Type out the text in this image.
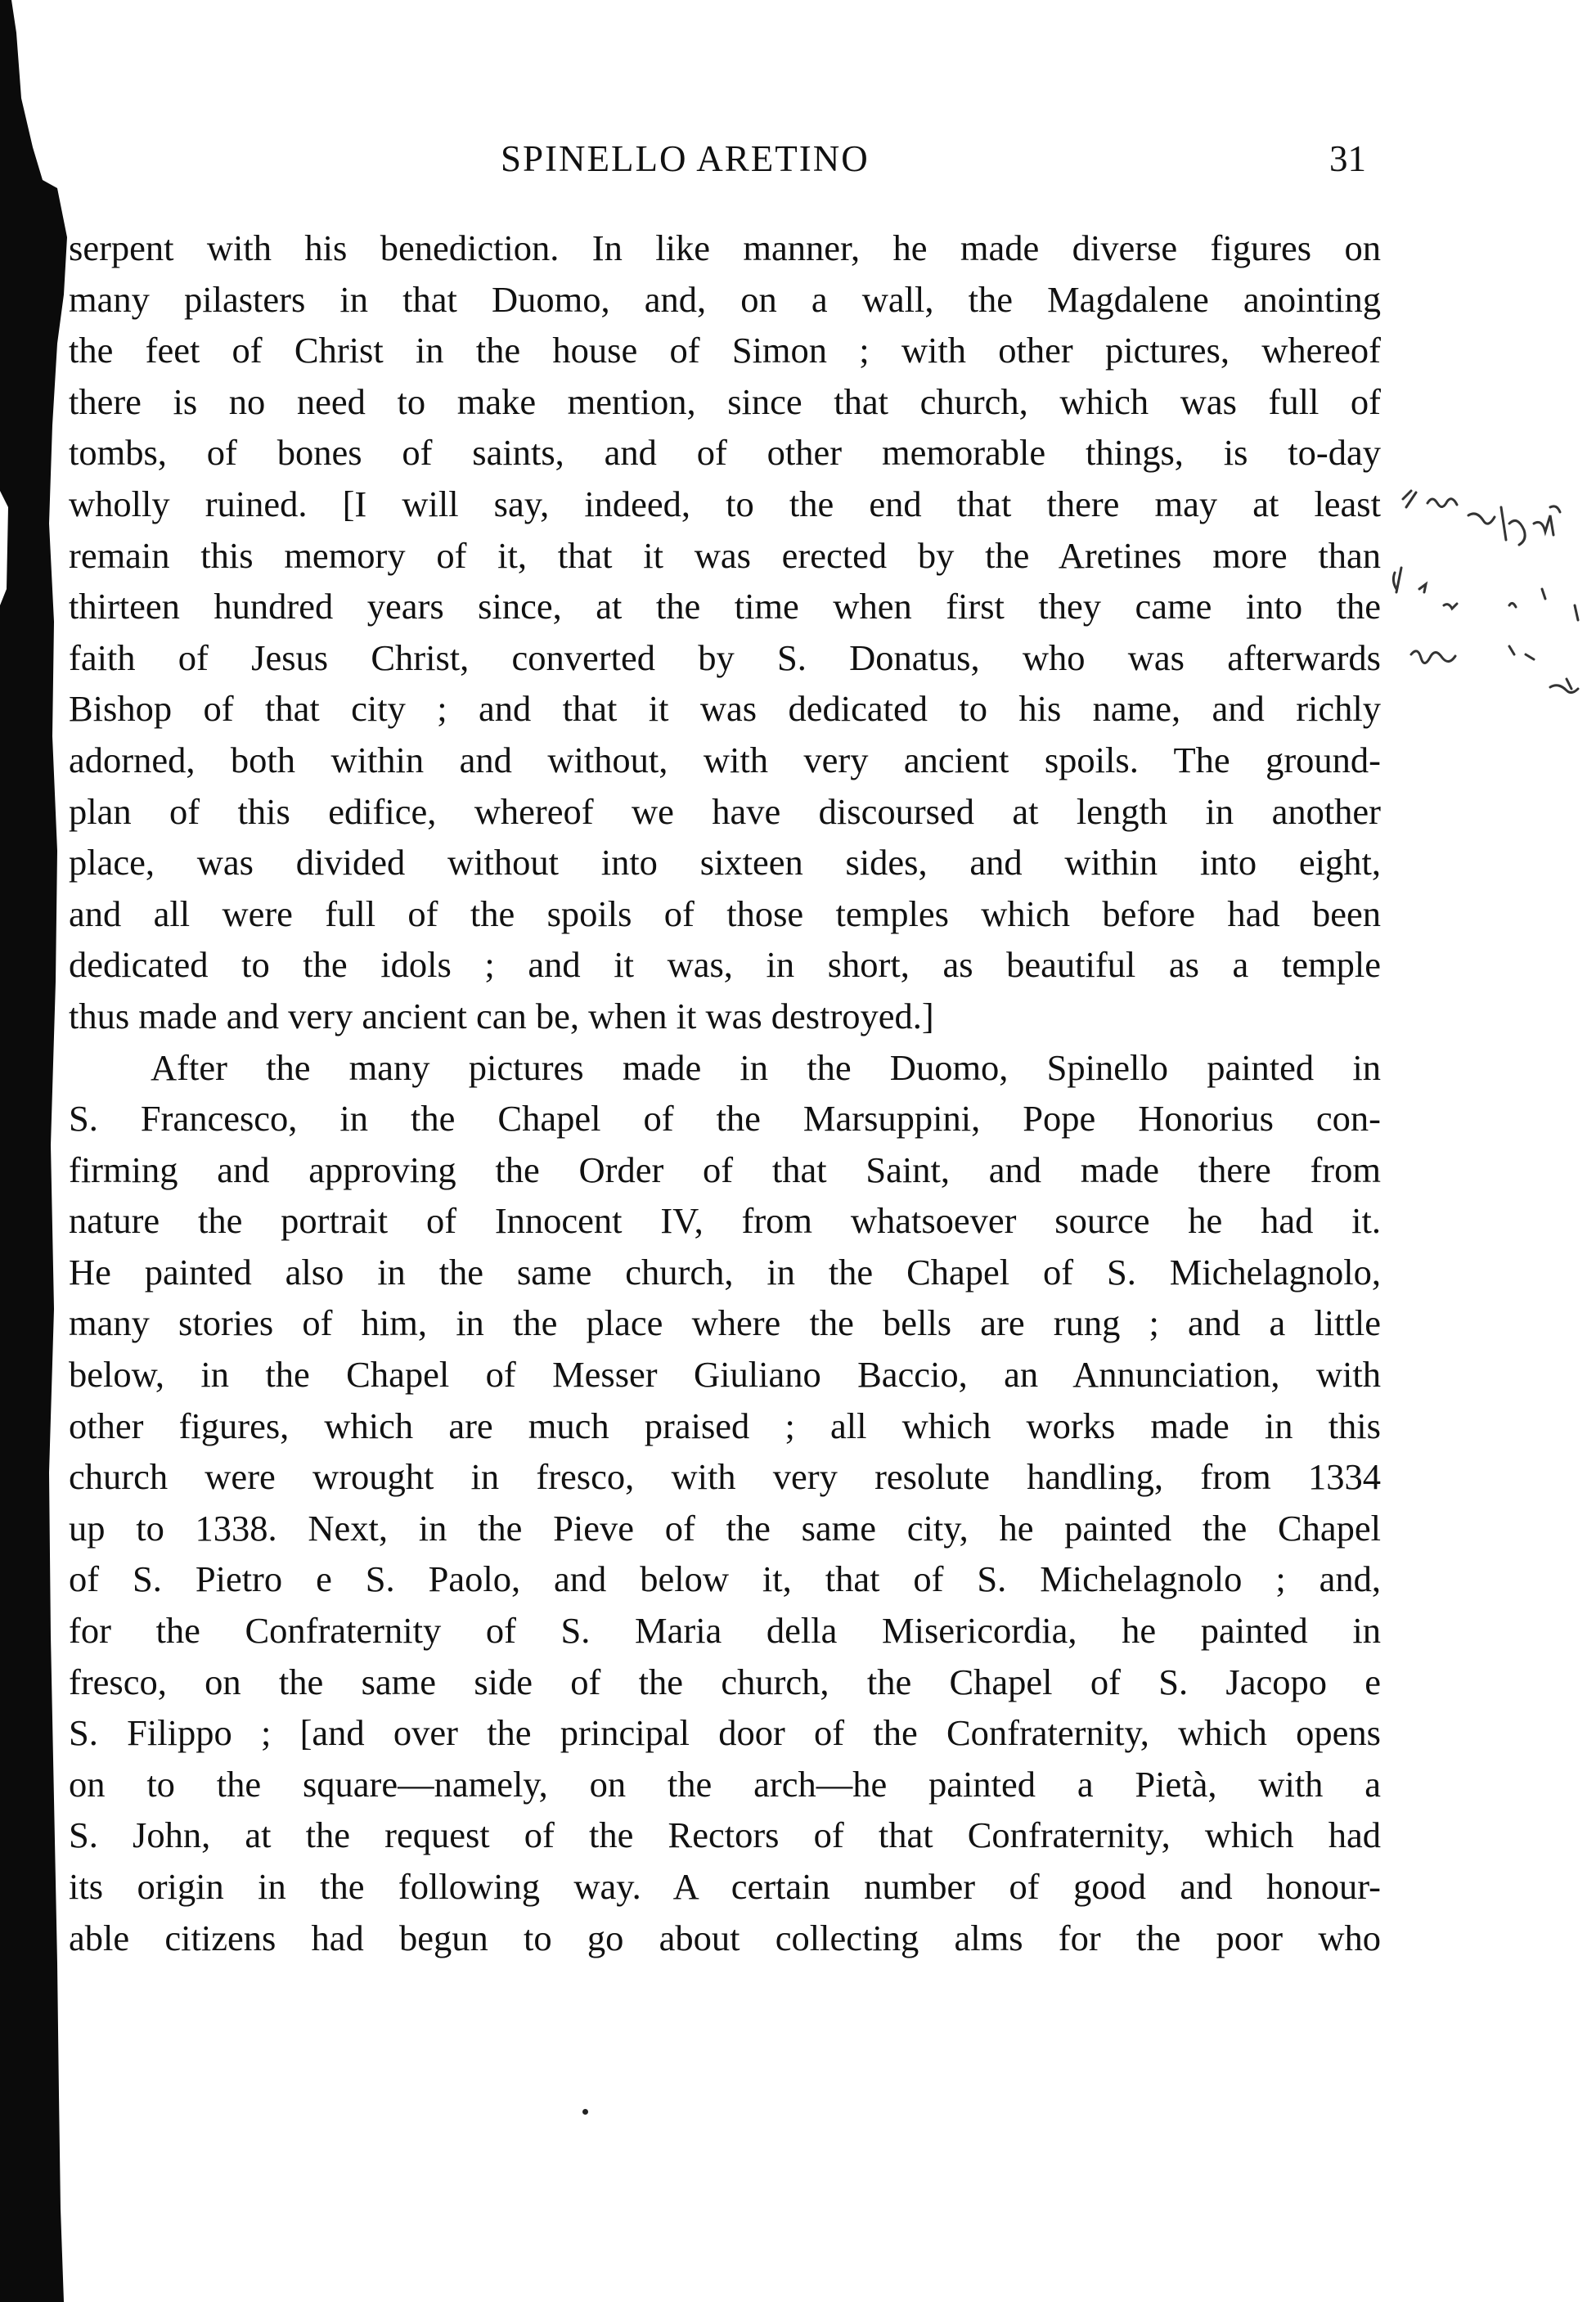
SPINELLO ARETINO	31
serpent with his benediction. In like manner, he made diverse figures on
many pilasters in that Duomo, and, on a wall, the Magdalene anointing
the feet of Christ in the house of Simon ; with other pictures, whereof
there is no need to make mention, since that church, which was full of
tombs, of bones of saints, and of other memorable things, is to-day
wholly ruined. [I will say, indeed, to the end that there may at least
remain this memory of it, that it was erected by the Aretines more than
thirteen hundred years since, at the time when first they came into the
faith of Jesus Christ, converted by S. Donatus, who was afterwards
Bishop of that city ; and that it was dedicated to his name, and richly
adorned, both within and without, with very ancient spoils. The ground-
plan of this edifice, whereof we have discoursed at length in another
place, was divided without into sixteen sides, and within into eight,
and all were full of the spoils of those temples which before had been
dedicated to the idols ; and it was, in short, as beautiful as a temple
thus made and very ancient can be, when it was destroyed.]
After the many pictures made in the Duomo, Spinello painted in
S. Francesco, in the Chapel of the Marsuppini, Pope Honorius con-
firming and approving the Order of that Saint, and made there from
nature the portrait of Innocent IV, from whatsoever source he had it.
He painted also in the same church, in the Chapel of S. Michelagnolo,
many stories of him, in the place where the bells are rung ; and a little
below, in the Chapel of Messer Giuliano Baccio, an Annunciation, with
other figures, which are much praised ; all which works made in this
church were wrought in fresco, with very resolute handling, from 1334
up to 1338. Next, in the Pieve of the same city, he painted the Chapel
of S. Pietro e S. Paolo, and below it, that of S. Michelagnolo ; and,
for the Confraternity of S. Maria della Misericordia, he painted in
fresco, on the same side of the church, the Chapel of S. Jacopo e
S. Filippo ; [and over the principal door of the Confraternity, which opens
on to the square—namely, on the arch—he painted a Pietà, with a
S. John, at the request of the Rectors of that Confraternity, which had
its origin in the following way. A certain number of good and honour-
able citizens had begun to go about collecting alms for the poor who
